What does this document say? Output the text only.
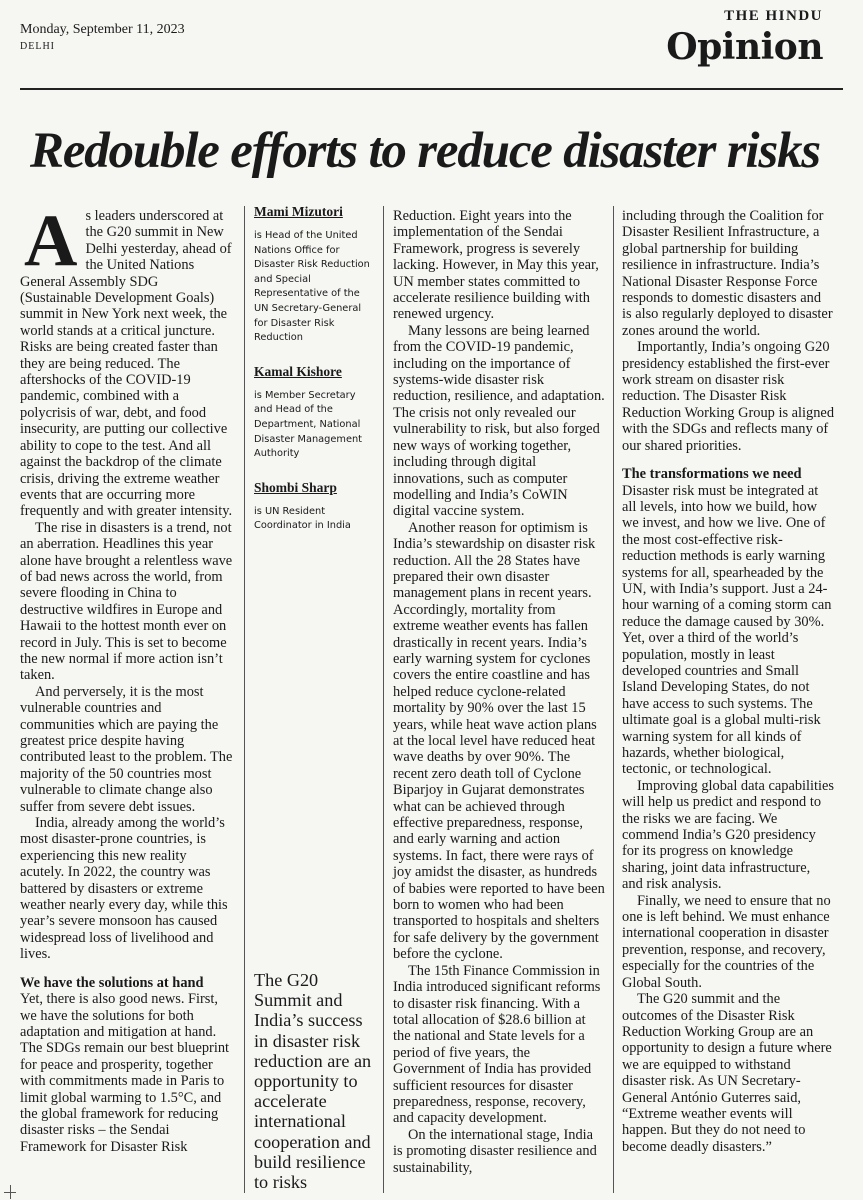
Monday, September 11, 2023
DELHI
THE HINDU
Opinion
Redouble efforts to reduce disaster risks

As leaders underscored at the G20 summit in New Delhi yesterday, ahead of the United Nations General Assembly SDG (Sustainable Development Goals) summit in New York next week, the world stands at a critical juncture. Risks are being created faster than they are being reduced. The aftershocks of the COVID-19 pandemic, combined with a polycrisis of war, debt, and food insecurity, are putting our collective ability to cope to the test. And all against the backdrop of the climate crisis, driving the extreme weather events that are occurring more frequently and with greater intensity.

The rise in disasters is a trend, not an aberration. Headlines this year alone have brought a relentless wave of bad news across the world, from severe flooding in China to destructive wildfires in Europe and Hawaii to the hottest month ever on record in July. This is set to become the new normal if more action isn’t taken.

And perversely, it is the most vulnerable countries and communities which are paying the greatest price despite having contributed least to the problem. The majority of the 50 countries most vulnerable to climate change also suffer from severe debt issues.

India, already among the world’s most disaster-prone countries, is experiencing this new reality acutely. In 2022, the country was battered by disasters or extreme weather nearly every day, while this year’s severe monsoon has caused widespread loss of livelihood and lives.

We have the solutions at hand

Yet, there is also good news. First, we have the solutions for both adaptation and mitigation at hand. The SDGs remain our best blueprint for peace and prosperity, together with commitments made in Paris to limit global warming to 1.5°C, and the global framework for reducing disaster risks – the Sendai Framework for Disaster Risk

Mami Mizutori
is Head of the United Nations Office for Disaster Risk Reduction and Special Representative of the UN Secretary-General for Disaster Risk Reduction
Kamal Kishore
is Member Secretary and Head of the Department, National Disaster Management Authority
Shombi Sharp
is UN Resident Coordinator in India
The G20 Summit and India’s success in disaster risk reduction are an opportunity to accelerate international cooperation and build resilience to risks

Reduction. Eight years into the implementation of the Sendai Framework, progress is severely lacking. However, in May this year, UN member states committed to accelerate resilience building with renewed urgency.

Many lessons are being learned from the COVID-19 pandemic, including on the importance of systems-wide disaster risk reduction, resilience, and adaptation. The crisis not only revealed our vulnerability to risk, but also forged new ways of working together, including through digital innovations, such as computer modelling and India’s CoWIN digital vaccine system.

Another reason for optimism is India’s stewardship on disaster risk reduction. All the 28 States have prepared their own disaster management plans in recent years. Accordingly, mortality from extreme weather events has fallen drastically in recent years. India’s early warning system for cyclones covers the entire coastline and has helped reduce cyclone-related mortality by 90% over the last 15 years, while heat wave action plans at the local level have reduced heat wave deaths by over 90%. The recent zero death toll of Cyclone Biparjoy in Gujarat demonstrates what can be achieved through effective preparedness, response, and early warning and action systems. In fact, there were rays of joy amidst the disaster, as hundreds of babies were reported to have been born to women who had been transported to hospitals and shelters for safe delivery by the government before the cyclone.

The 15th Finance Commission in India introduced significant reforms to disaster risk financing. With a total allocation of $28.6 billion at the national and State levels for a period of five years, the Government of India has provided sufficient resources for disaster preparedness, response, recovery, and capacity development.

On the international stage, India is promoting disaster resilience and sustainability,

including through the Coalition for Disaster Resilient Infrastructure, a global partnership for building resilience in infrastructure. India’s National Disaster Response Force responds to domestic disasters and is also regularly deployed to disaster zones around the world.

Importantly, India’s ongoing G20 presidency established the first-ever work stream on disaster risk reduction. The Disaster Risk Reduction Working Group is aligned with the SDGs and reflects many of our shared priorities.

The transformations we need

Disaster risk must be integrated at all levels, into how we build, how we invest, and how we live. One of the most cost-effective risk-reduction methods is early warning systems for all, spearheaded by the UN, with India’s support. Just a 24-hour warning of a coming storm can reduce the damage caused by 30%. Yet, over a third of the world’s population, mostly in least developed countries and Small Island Developing States, do not have access to such systems. The ultimate goal is a global multi-risk warning system for all kinds of hazards, whether biological, tectonic, or technological.

Improving global data capabilities will help us predict and respond to the risks we are facing. We commend India’s G20 presidency for its progress on knowledge sharing, joint data infrastructure, and risk analysis.

Finally, we need to ensure that no one is left behind. We must enhance international cooperation in disaster prevention, response, and recovery, especially for the countries of the Global South.

The G20 summit and the outcomes of the Disaster Risk Reduction Working Group are an opportunity to design a future where we are equipped to withstand disaster risk. As UN Secretary-General António Guterres said, “Extreme weather events will happen. But they do not need to become deadly disasters.”
